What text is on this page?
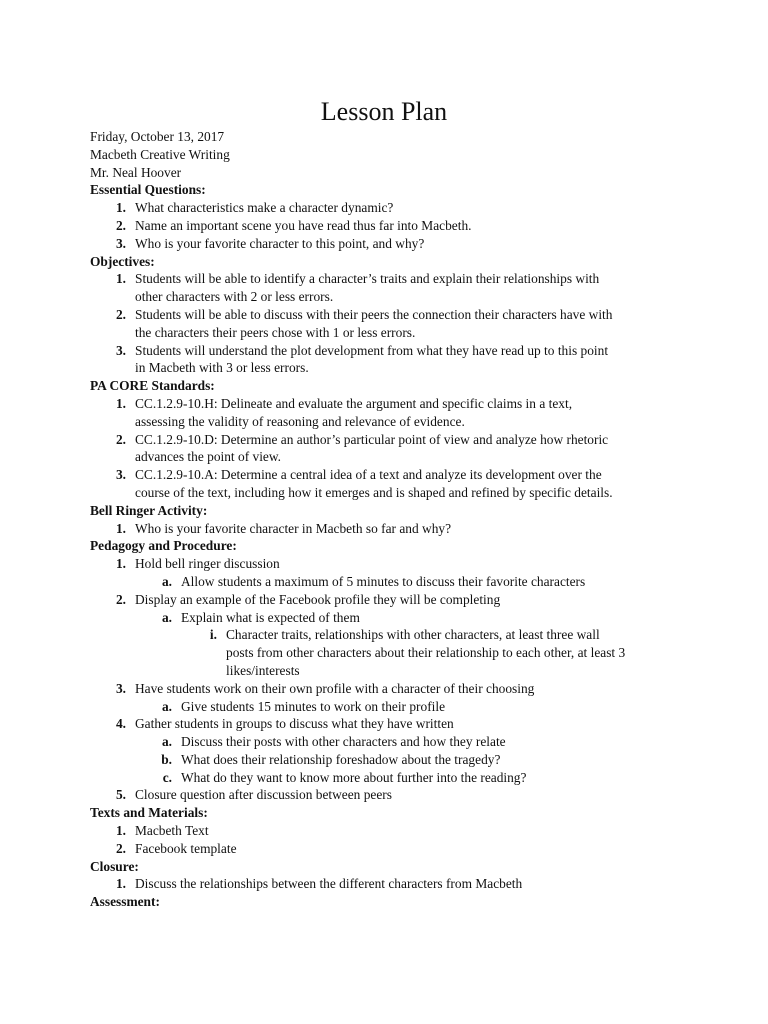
Lesson Plan

Friday, October 13, 2017

Macbeth Creative Writing

Mr. Neal Hoover

Essential Questions:

1. What characteristics make a character dynamic?
2. Name an important scene you have read thus far into Macbeth.
3. Who is your favorite character to this point, and why?

Objectives:

1. Students will be able to identify a character’s traits and explain their relationships with
other characters with 2 or less errors.
2. Students will be able to discuss with their peers the connection their characters have with
the characters their peers chose with 1 or less errors.
3. Students will understand the plot development from what they have read up to this point
in Macbeth with 3 or less errors.

PA CORE Standards:

1. CC.1.2.9-10.H: Delineate and evaluate the argument and specific claims in a text,
assessing the validity of reasoning and relevance of evidence.
2. CC.1.2.9-10.D: Determine an author’s particular point of view and analyze how rhetoric
advances the point of view.
3. CC.1.2.9-10.A: Determine a central idea of a text and analyze its development over the
course of the text, including how it emerges and is shaped and refined by specific details.

Bell Ringer Activity:

1. Who is your favorite character in Macbeth so far and why?

Pedagogy and Procedure:

1. Hold bell ringer discussion
a. Allow students a maximum of 5 minutes to discuss their favorite characters
2. Display an example of the Facebook profile they will be completing
a. Explain what is expected of them
i. Character traits, relationships with other characters, at least three wall
posts from other characters about their relationship to each other, at least 3
likes/interests
3. Have students work on their own profile with a character of their choosing
a. Give students 15 minutes to work on their profile
4. Gather students in groups to discuss what they have written
a. Discuss their posts with other characters and how they relate
b. What does their relationship foreshadow about the tragedy?
c. What do they want to know more about further into the reading?
5. Closure question after discussion between peers

Texts and Materials:

1. Macbeth Text
2. Facebook template

Closure:

1. Discuss the relationships between the different characters from Macbeth

Assessment:
